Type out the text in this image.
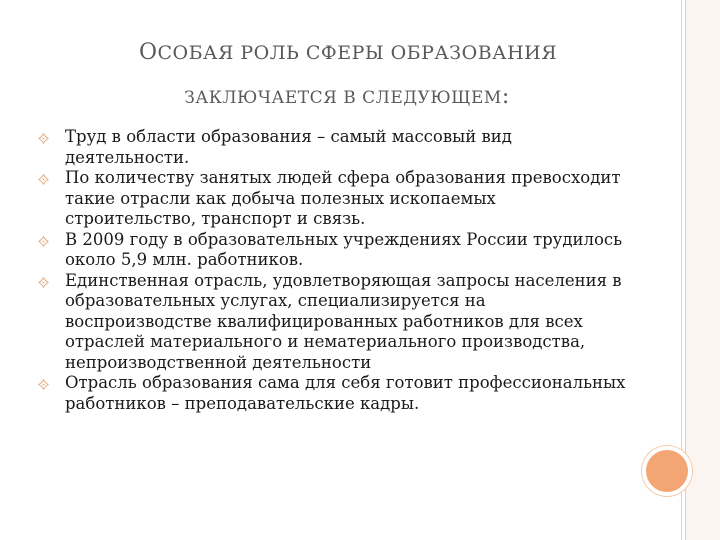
ОСОБАЯ РОЛЬ СФЕРЫ ОБРАЗОВАНИЯ
ЗАКЛЮЧАЕТСЯ В СЛЕДУЮЩЕМ:
Труд в области образования – самый массовый вид деятельности.
По количеству занятых людей сфера образования превосходит такие отрасли как добыча полезных ископаемых строительство, транспорт и связь.
В 2009 году в образовательных учреждениях России трудилось около 5,9 млн. работников.
Единственная отрасль, удовлетворяющая запросы населения в образовательных услугах, специализируется на воспроизводстве квалифицированных работников для всех отраслей материального и нематериального производства, непроизводственной деятельности
Отрасль образования сама для себя готовит профессиональных работников – преподавательские кадры.
